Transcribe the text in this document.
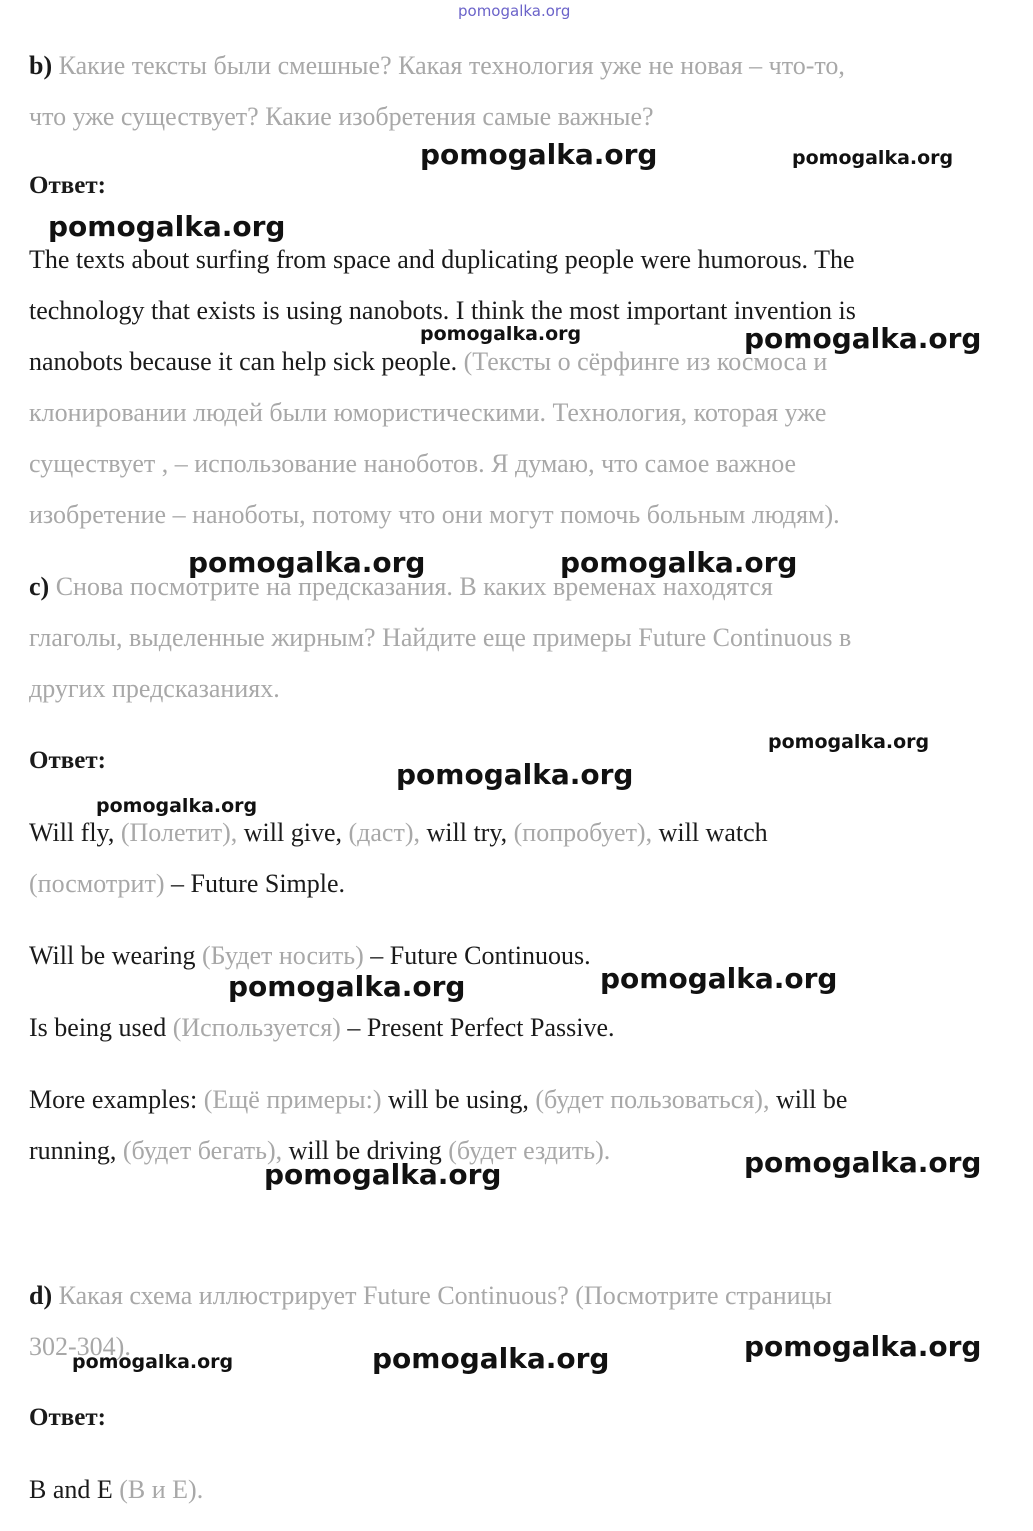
pomogalka.org
pomogalka.org	pomogalka.org
pomogalka.org
pomogalka.org	pomogalka.org
pomogalka.org	pomogalka.org
pomogalka.org
pomogalka.org
pomogalka.org
pomogalka.org	pomogalka.org
pomogalka.org
pomogalka.org
pomogalka.org
pomogalka.org
pomogalka.org

b) Какие тексты были смешные? Какая технология уже не новая – что-то,

что уже существует? Какие изобретения самые важные?

Ответ:

The texts about surfing from space and duplicating people were humorous. The

technology that exists is using nanobots. I think the most important invention is

nanobots because it can help sick people. (Тексты о сёрфинге из космоса и

клонировании людей были юмористическими. Технология, которая уже

существует , – использование наноботов. Я думаю, что самое важное

изобретение – наноботы, потому что они могут помочь больным людям).

c) Снова посмотрите на предсказания. В каких временах находятся

глаголы, выделенные жирным? Найдите еще примеры Future Continuous в

других предсказаниях.

Ответ:

Will fly, (Полетит), will give, (даст), will try, (попробует), will watch

(посмотрит) – Future Simple.

Will be wearing (Будет носить) – Future Continuous.

Is being used (Используется) – Present Perfect Passive.

More examples: (Ещё примеры:) will be using, (будет пользоваться), will be

running, (будет бегать), will be driving (будет ездить).

d) Какая схема иллюстрирует Future Continuous? (Посмотрите страницы

302-304).

Ответ:

B and E (В и Е).
